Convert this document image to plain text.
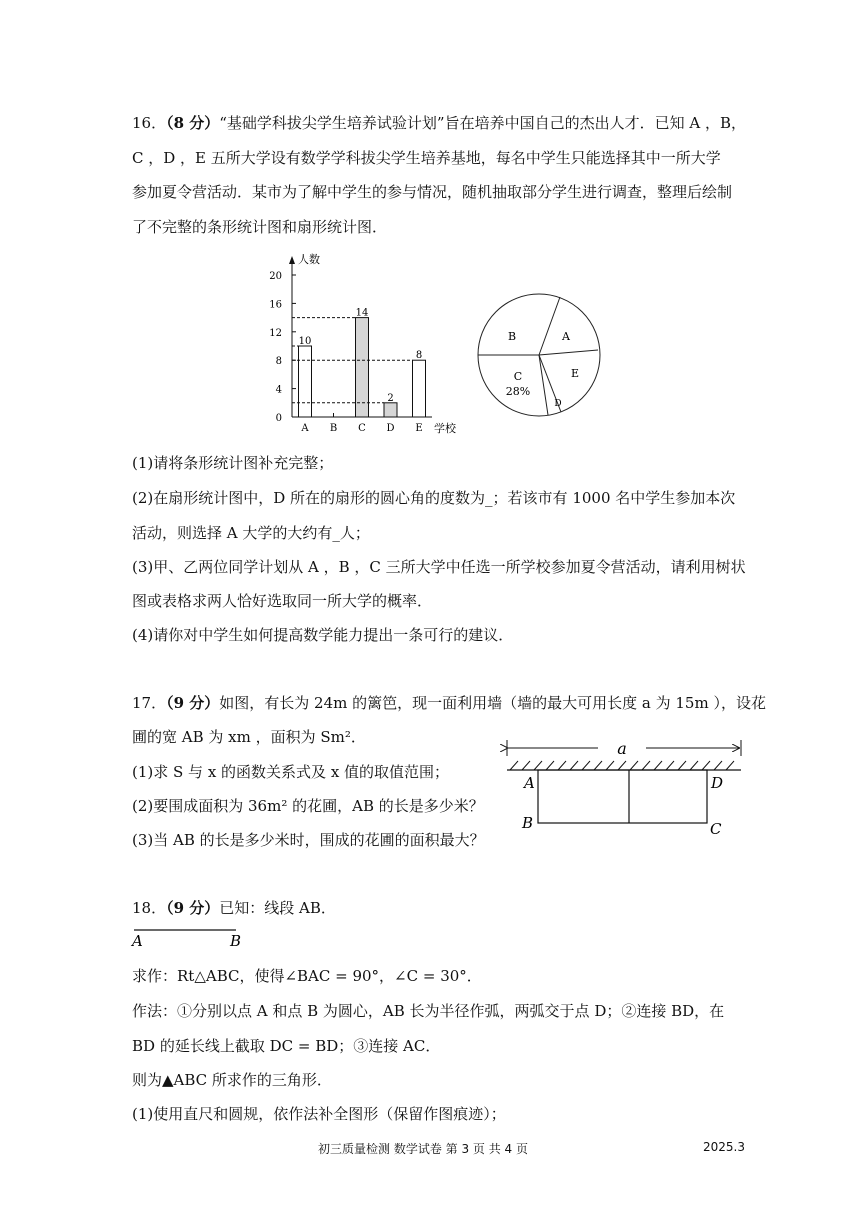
16．（8 分）“基础学科拔尖学生培养试验计划”旨在培养中国自己的杰出人才．已知 A ，B，
C ，D ，E 五所大学设有数学学科拔尖学生培养基地，每名中学生只能选择其中一所大学
参加夏令营活动．某市为了解中学生的参与情况，随机抽取部分学生进行调查，整理后绘制
了不完整的条形统计图和扇形统计图．
人数
学校
0
4
8
12
16
20
A
10
B C
14
D
2
E
8
B	A
E
C
28%
D
(1)请将条形统计图补充完整；
(2)在扇形统计图中，D 所在的扇形的圆心角的度数为_；若该市有 1000 名中学生参加本次
活动，则选择 A 大学的大约有_人；
(3)甲、乙两位同学计划从 A ，B ，C 三所大学中任选一所学校参加夏令营活动，请利用树状
图或表格求两人恰好选取同一所大学的概率．
(4)请你对中学生如何提高数学能力提出一条可行的建议．
17．（9 分）如图，有长为 24m 的篱笆，现一面利用墙（墙的最大可用长度 a 为 15m ），设花
圃的宽 AB 为 xm ，面积为 Sm²．
(1)求 S 与 x 的函数关系式及 x 值的取值范围；
(2)要围成面积为 36m² 的花圃，AB 的长是多少米？
(3)当 AB 的长是多少米时，围成的花圃的面积最大？
a
A
B
D
C
18．（9 分）已知：线段 AB．
A	B
求作：Rt△ABC，使得∠BAC = 90°，∠C = 30°．
作法：①分别以点 A 和点 B 为圆心，AB 长为半径作弧，两弧交于点 D；②连接 BD，在
BD 的延长线上截取 DC = BD；③连接 AC．
则为▲ABC 所求作的三角形．
(1)使用直尺和圆规，依作法补全图形（保留作图痕迹）；
初三质量检测 数学试卷 第 3 页 共 4 页	2025.3
